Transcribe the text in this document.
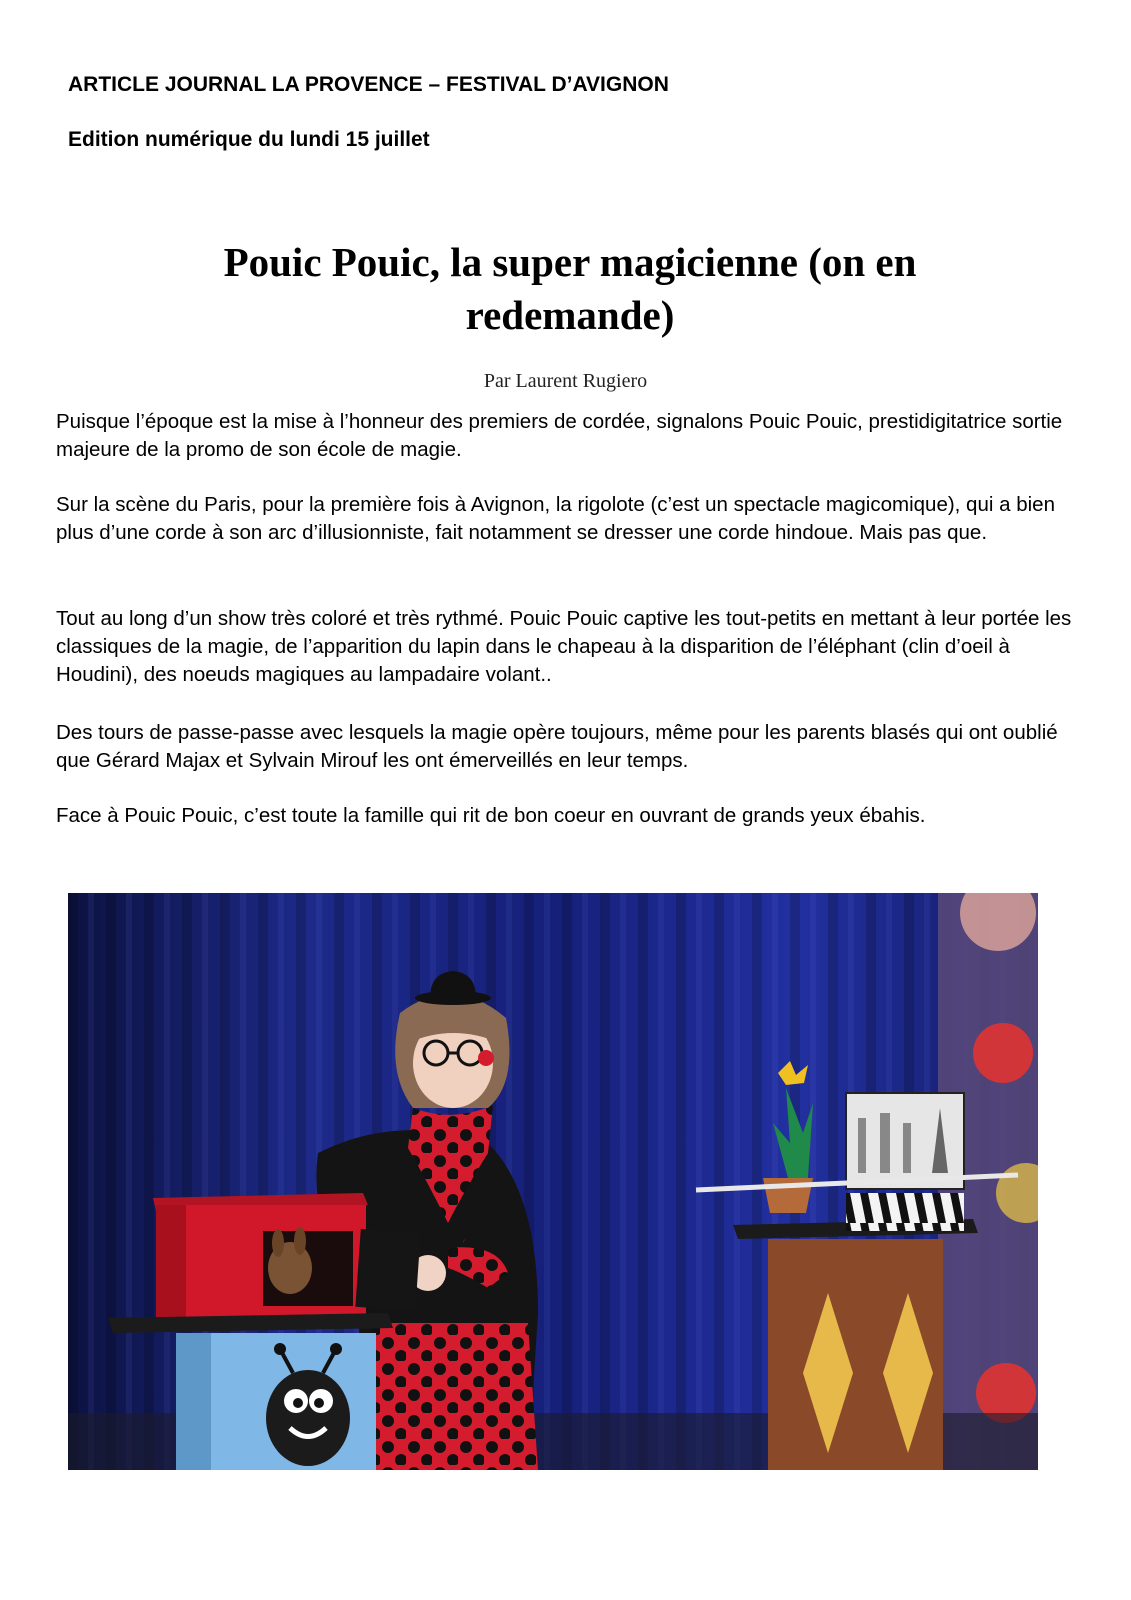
ARTICLE JOURNAL LA PROVENCE – FESTIVAL D’AVIGNON
Edition numérique du lundi 15 juillet
Pouic Pouic, la super magicienne (on en
redemande)
Par Laurent Rugiero

Puisque l’époque est la mise à l’honneur des premiers de cordée, signalons Pouic Pouic, prestidigitatrice sortie majeure de la promo de son école de magie.

Sur la scène du Paris, pour la première fois à Avignon, la rigolote (c’est un spectacle magicomique), qui a bien plus d’une corde à son arc d’illusionniste, fait notamment se dresser une corde hindoue. Mais pas que.

Tout au long d’un show très coloré et très rythmé. Pouic Pouic captive les tout-petits en mettant à leur portée les classiques de la magie, de l’apparition du lapin dans le chapeau à la disparition de l’éléphant (clin d’oeil à Houdini), des noeuds magiques au lampadaire volant..

Des tours de passe-passe avec lesquels la magie opère toujours, même pour les parents blasés qui ont oublié que Gérard Majax et Sylvain Mirouf les ont émerveillés en leur temps.

Face à Pouic Pouic, c’est toute la famille qui rit de bon coeur en ouvrant de grands yeux ébahis.
